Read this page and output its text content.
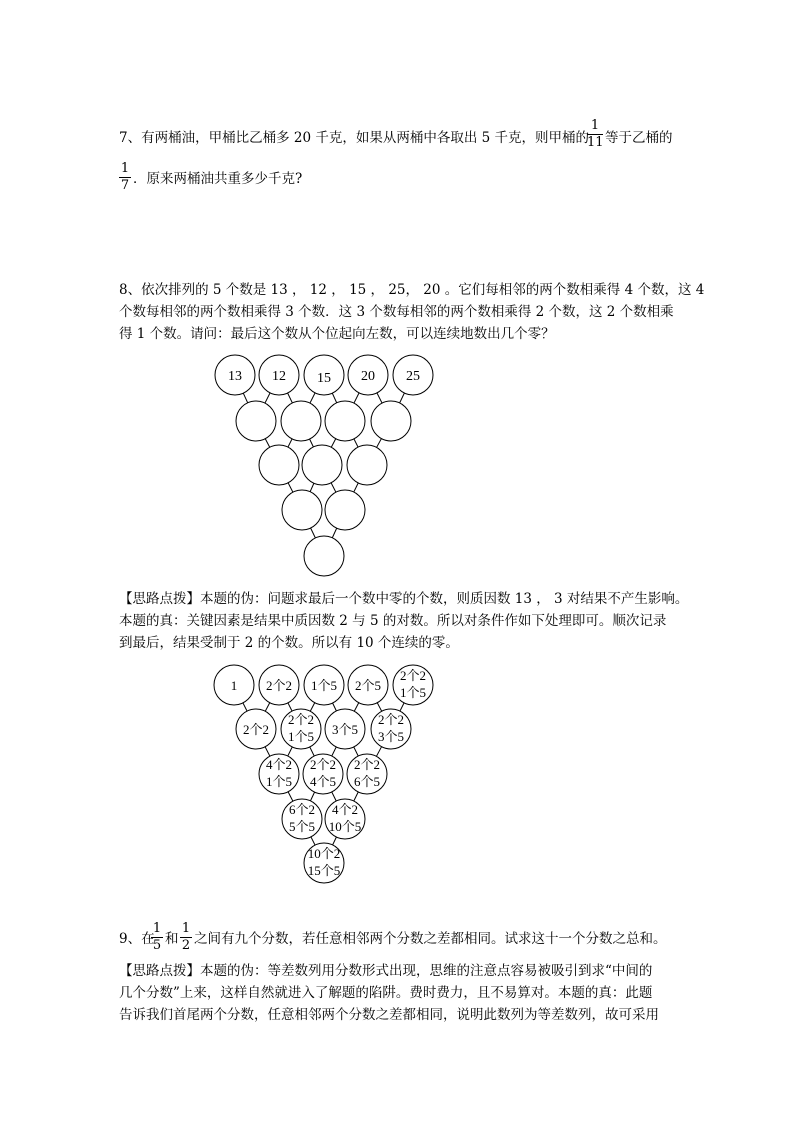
7、有两桶油，甲桶比乙桶多 20 千克，如果从两桶中各取出 5 千克，则甲桶的
1
11 等于乙桶的
1
7 ．原来两桶油共重多少千克?
8、依次排列的 5 个数是 13 ， 12 ， 15 ， 25， 20 。它们每相邻的两个数相乘得 4 个数，这 4
个数每相邻的两个数相乘得 3 个数．这 3 个数每相邻的两个数相乘得 2 个数，这 2 个数相乘
得 1 个数。请问：最后这个数从个位起向左数，可以连续地数出几个零？
13 12 15 20 25
1 2个2 1个5 2个5
2个2
1个5
2个2
2个2
1个5 3个5
2个2
3个5
4个2
1个5
2个2
4个5
2个2
6个5
6个2
5个5
4个2
10个5
10个2
15个5
【思路点拨】本题的伪：问题求最后一个数中零的个数，则质因数 13 ， 3 对结果不产生影响。
本题的真：关键因素是结果中质因数 2 与 5 的对数。所以对条件作如下处理即可。顺次记录
到最后，结果受制于 2 的个数。所以有 10 个连续的零。
9、在
1
5 和
1
2 之间有九个分数，若任意相邻两个分数之差都相同。试求这十一个分数之总和。
【思路点拨】本题的伪：等差数列用分数形式出现，思维的注意点容易被吸引到求“中间的
几个分数”上来，这样自然就进入了解题的陷阱。费时费力，且不易算对。本题的真：此题
告诉我们首尾两个分数，任意相邻两个分数之差都相同，说明此数列为等差数列，故可采用
